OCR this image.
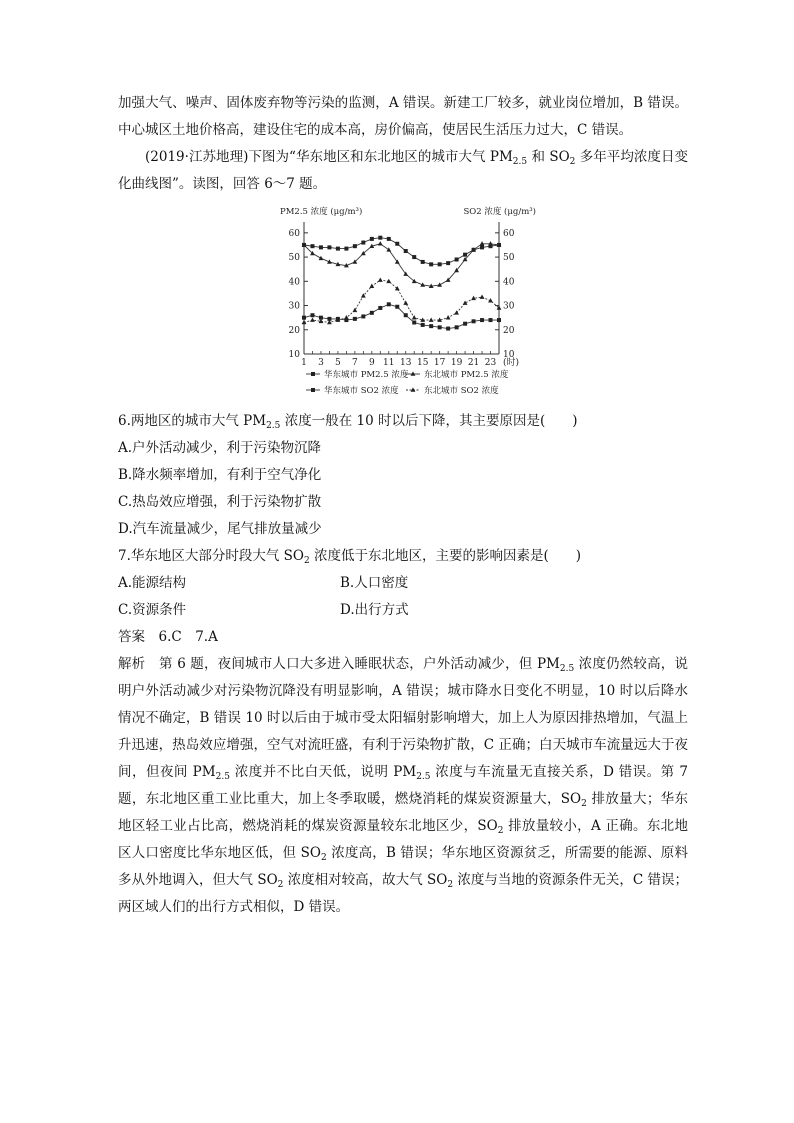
加强大气、噪声、固体废弃物等污染的监测，A 错误。新建工厂较多，就业岗位增加，B 错误。中心城区土地价格高，建设住宅的成本高，房价偏高，使居民生活压力过大，C 错误。

(2019·江苏地理)下图为“华东地区和东北地区的城市大气 $PM_{2.5}$ 和 $SO_2$ 多年平均浓度日变化曲线图”。读图，回答 6～7 题。

PM2.5 浓度 (μg/m³)	SO2 浓度 (μg/m³)
10	10
20	20
30	30
40	40
50	50
60	60
1 3 5 7 9 11 13 15 17 19 21 23 (时)
华东城市 PM2.5 浓度 东北城市 PM2.5 浓度
华东城市 SO2 浓度	东北城市 SO2 浓度

6.两地区的城市大气 $PM_{2.5}$ 浓度一般在 10 时以后下降，其主要原因是(　　)

A.户外活动减少，利于污染物沉降

B.降水频率增加，有利于空气净化

C.热岛效应增强，利于污染物扩散

D.汽车流量减少，尾气排放量减少

7.华东地区大部分时段大气 $SO_2$ 浓度低于东北地区，主要的影响因素是(　　)

A.能源结构	B.人口密度

C.资源条件	D.出行方式

答案　 6.C　7.A

解析　第 6 题，夜间城市人口大多进入睡眠状态，户外活动减少，但 $PM_{2.5}$ 浓度仍然较高，说明户外活动减少对污染物沉降没有明显影响，A 错误；城市降水日变化不明显，10 时以后降水情况不确定，B 错误 10 时以后由于城市受太阳辐射影响增大，加上人为原因排热增加，气温上升迅速，热岛效应增强，空气对流旺盛，有利于污染物扩散，C 正确；白天城市车流量远大于夜间，但夜间 $PM_{2.5}$ 浓度并不比白天低，说明 $PM_{2.5}$ 浓度与车流量无直接关系，D 错误。第 7 题，东北地区重工业比重大，加上冬季取暖，燃烧消耗的煤炭资源量大，$SO_2$ 排放量大；华东地区轻工业占比高，燃烧消耗的煤炭资源量较东北地区少，$SO_2$ 排放量较小，A 正确。东北地区人口密度比华东地区低，但 $SO_2$ 浓度高，B 错误；华东地区资源贫乏，所需要的能源、原料多从外地调入，但大气 $SO_2$ 浓度相对较高，故大气 $SO_2$ 浓度与当地的资源条件无关，C 错误；两区域人们的出行方式相似，D 错误。
